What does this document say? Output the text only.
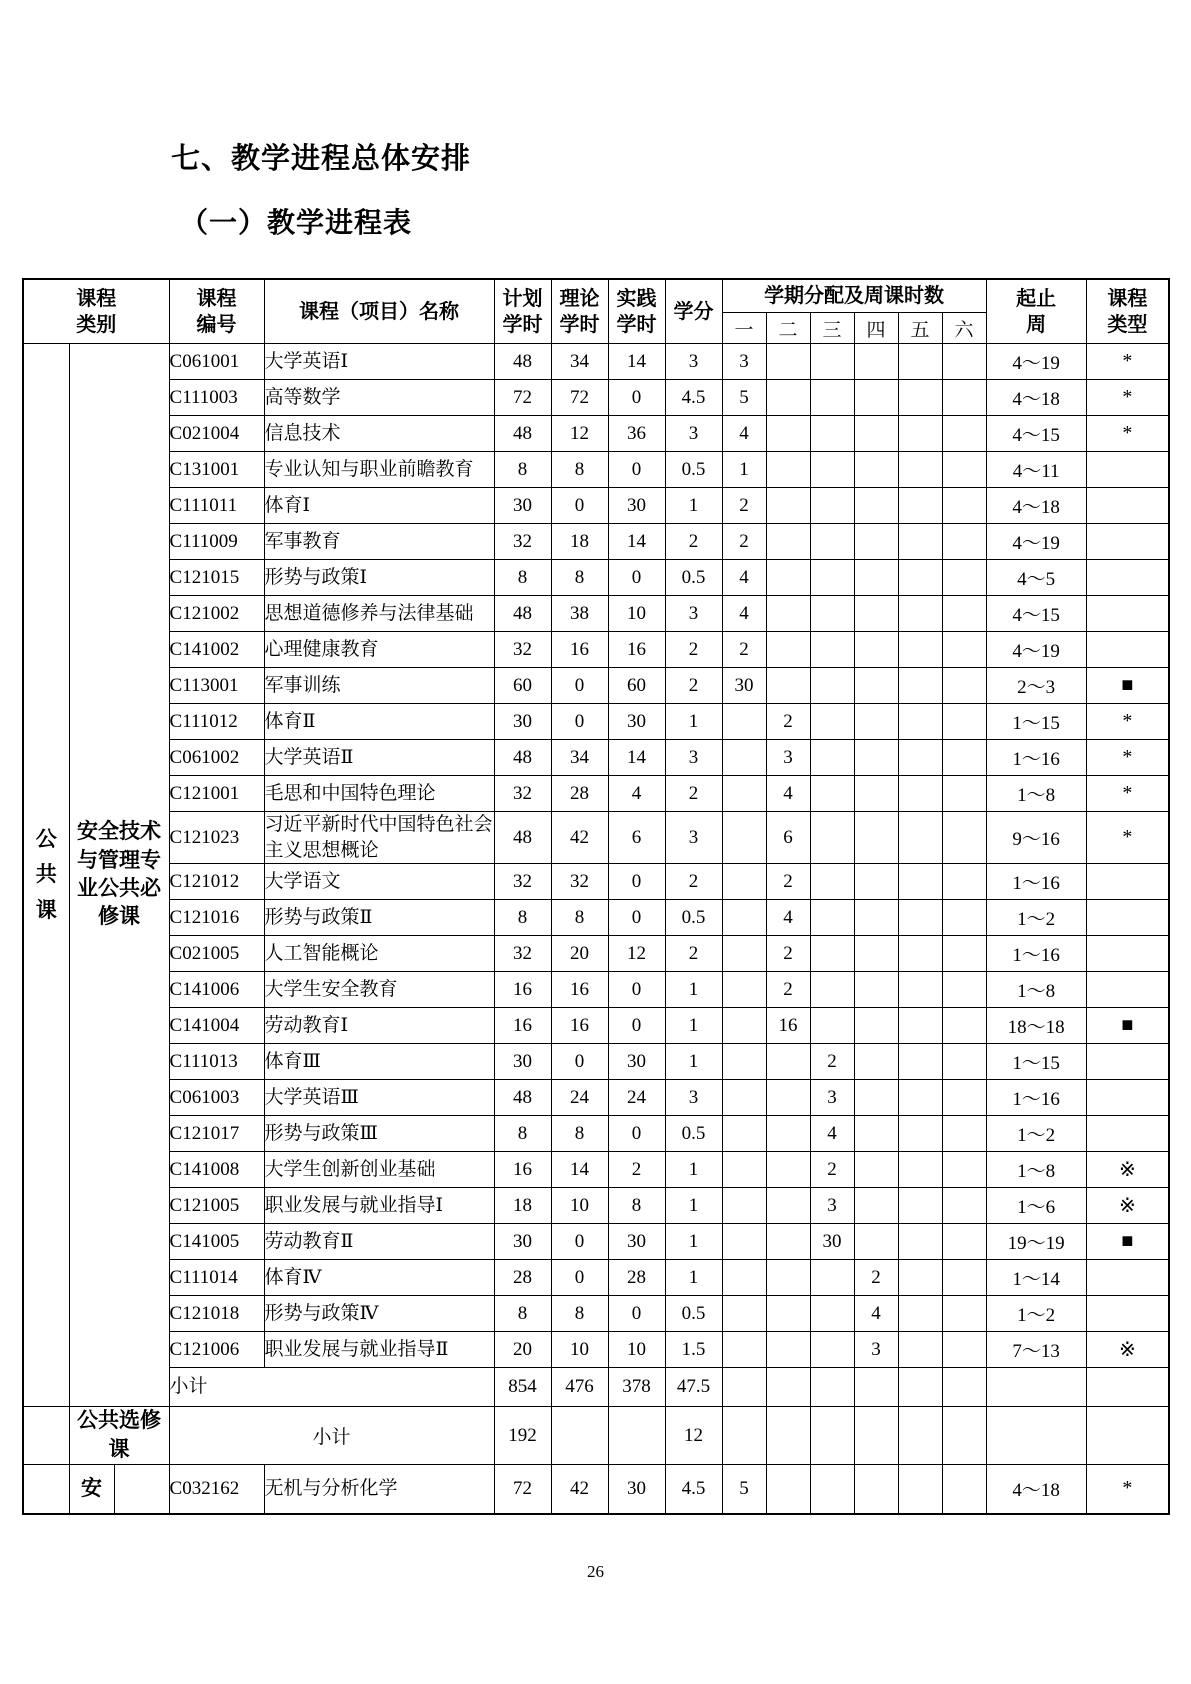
七、教学进程总体安排
（一）教学进程表
课程类别			课程编号	课程（项目）名称	计划学时	理论学时	实践学时	学分	学期分配及周课时数						起止周	课程类型
									一	二	三	四	五	六		
公共课	安全技术与管理专业公共必修课		C061001	大学英语Ⅰ	48	34	14	3	3						4～19	*
			C111003	高等数学	72	72	0	4.5	5						4～18	*
			C021004	信息技术	48	12	36	3	4						4～15	*
			C131001	专业认知与职业前瞻教育	8	8	0	0.5	1						4～11	
			C111011	体育Ⅰ	30	0	30	1	2						4～18	
			C111009	军事教育	32	18	14	2	2						4～19	
			C121015	形势与政策Ⅰ	8	8	0	0.5	4						4～5	
			C121002	思想道德修养与法律基础	48	38	10	3	4						4～15	
			C141002	心理健康教育	32	16	16	2	2						4～19	
			C113001	军事训练	60	0	60	2	30						2～3	■
			C111012	体育Ⅱ	30	0	30	1		2					1～15	*
			C061002	大学英语Ⅱ	48	34	14	3		3					1～16	*
			C121001	毛思和中国特色理论	32	28	4	2		4					1～8	*
			C121023	习近平新时代中国特色社会主义思想概论	48	42	6	3		6					9～16	*
			C121012	大学语文	32	32	0	2		2					1～16	
			C121016	形势与政策Ⅱ	8	8	0	0.5		4					1～2	
			C021005	人工智能概论	32	20	12	2		2					1～16	
			C141006	大学生安全教育	16	16	0	1		2					1～8	
			C141004	劳动教育Ⅰ	16	16	0	1		16					18～18	■
			C111013	体育Ⅲ	30	0	30	1			2				1～15	
			C061003	大学英语Ⅲ	48	24	24	3			3				1～16	
			C121017	形势与政策Ⅲ	8	8	0	0.5			4				1～2	
			C141008	大学生创新创业基础	16	14	2	1			2				1～8	※
			C121005	职业发展与就业指导Ⅰ	18	10	8	1			3				1～6	※
			C141005	劳动教育Ⅱ	30	0	30	1			30				19～19	■
			C111014	体育Ⅳ	28	0	28	1				2			1～14	
			C121018	形势与政策Ⅳ	8	8	0	0.5				4			1～2	
			C121006	职业发展与就业指导Ⅱ	20	10	10	1.5				3			7～13	※
			小计		854	476	378	47.5								
	公共选修课		小计		192			12								
	安		C032162	无机与分析化学	72	42	30	4.5	5						4～18	*
26
